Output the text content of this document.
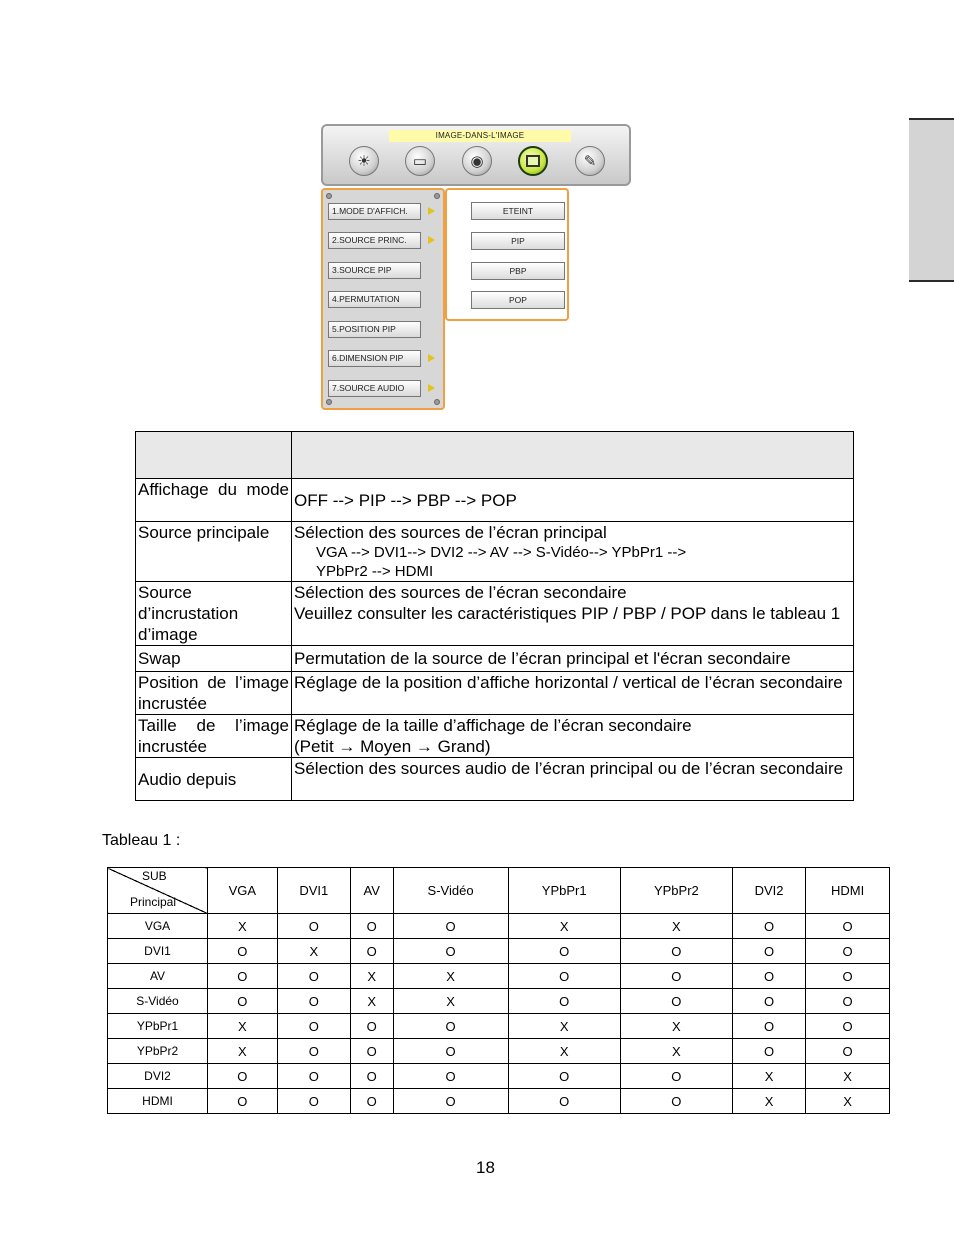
IMAGE-DANS-L'IMAGE
☀	▭	◉	✎
1.MODE D'AFFICH.
2.SOURCE PRINC.
3.SOURCE PIP
4.PERMUTATION
5.POSITION PIP
6.DIMENSION PIP
7.SOURCE AUDIO
ETEINT
PIP
PBP
POP

Affichage du mode	OFF --> PIP --> PBP --> POP
Source principale	Sélection des sources de l’écran principal
VGA --> DVI1--> DVI2 --> AV --> S-Vidéo--> YPbPr1 -->
YPbPr2 --> HDMI

Source d’incrustation d’image	Sélection des sources de l’écran secondaire
Veuillez consulter les caractéristiques PIP / PBP / POP dans le tableau 1

Swap	Permutation de la source de l’écran principal et l'écran secondaire
Position de l’image incrustée	Réglage de la position d’affiche horizontal / vertical de l’écran secondaire
Taille de l’image incrustée	Réglage de la taille d’affichage de l’écran secondaire
(Petit → Moyen → Grand)

Audio depuis	Sélection des sources audio de l’écran principal ou de l’écran secondaire
Tableau 1 :
SUB
Principal	VGA	DVI1	AV	S-Vidéo	YPbPr1	YPbPr2	DVI2	HDMI
VGA	X	O	O	O	X	X	O	O
DVI1	O	X	O	O	O	O	O	O
AV	O	O	X	X	O	O	O	O
S-Vidéo	O	O	X	X	O	O	O	O
YPbPr1	X	O	O	O	X	X	O	O
YPbPr2	X	O	O	O	X	X	O	O
DVI2	O	O	O	O	O	O	X	X
HDMI	O	O	O	O	O	O	X	X
18
